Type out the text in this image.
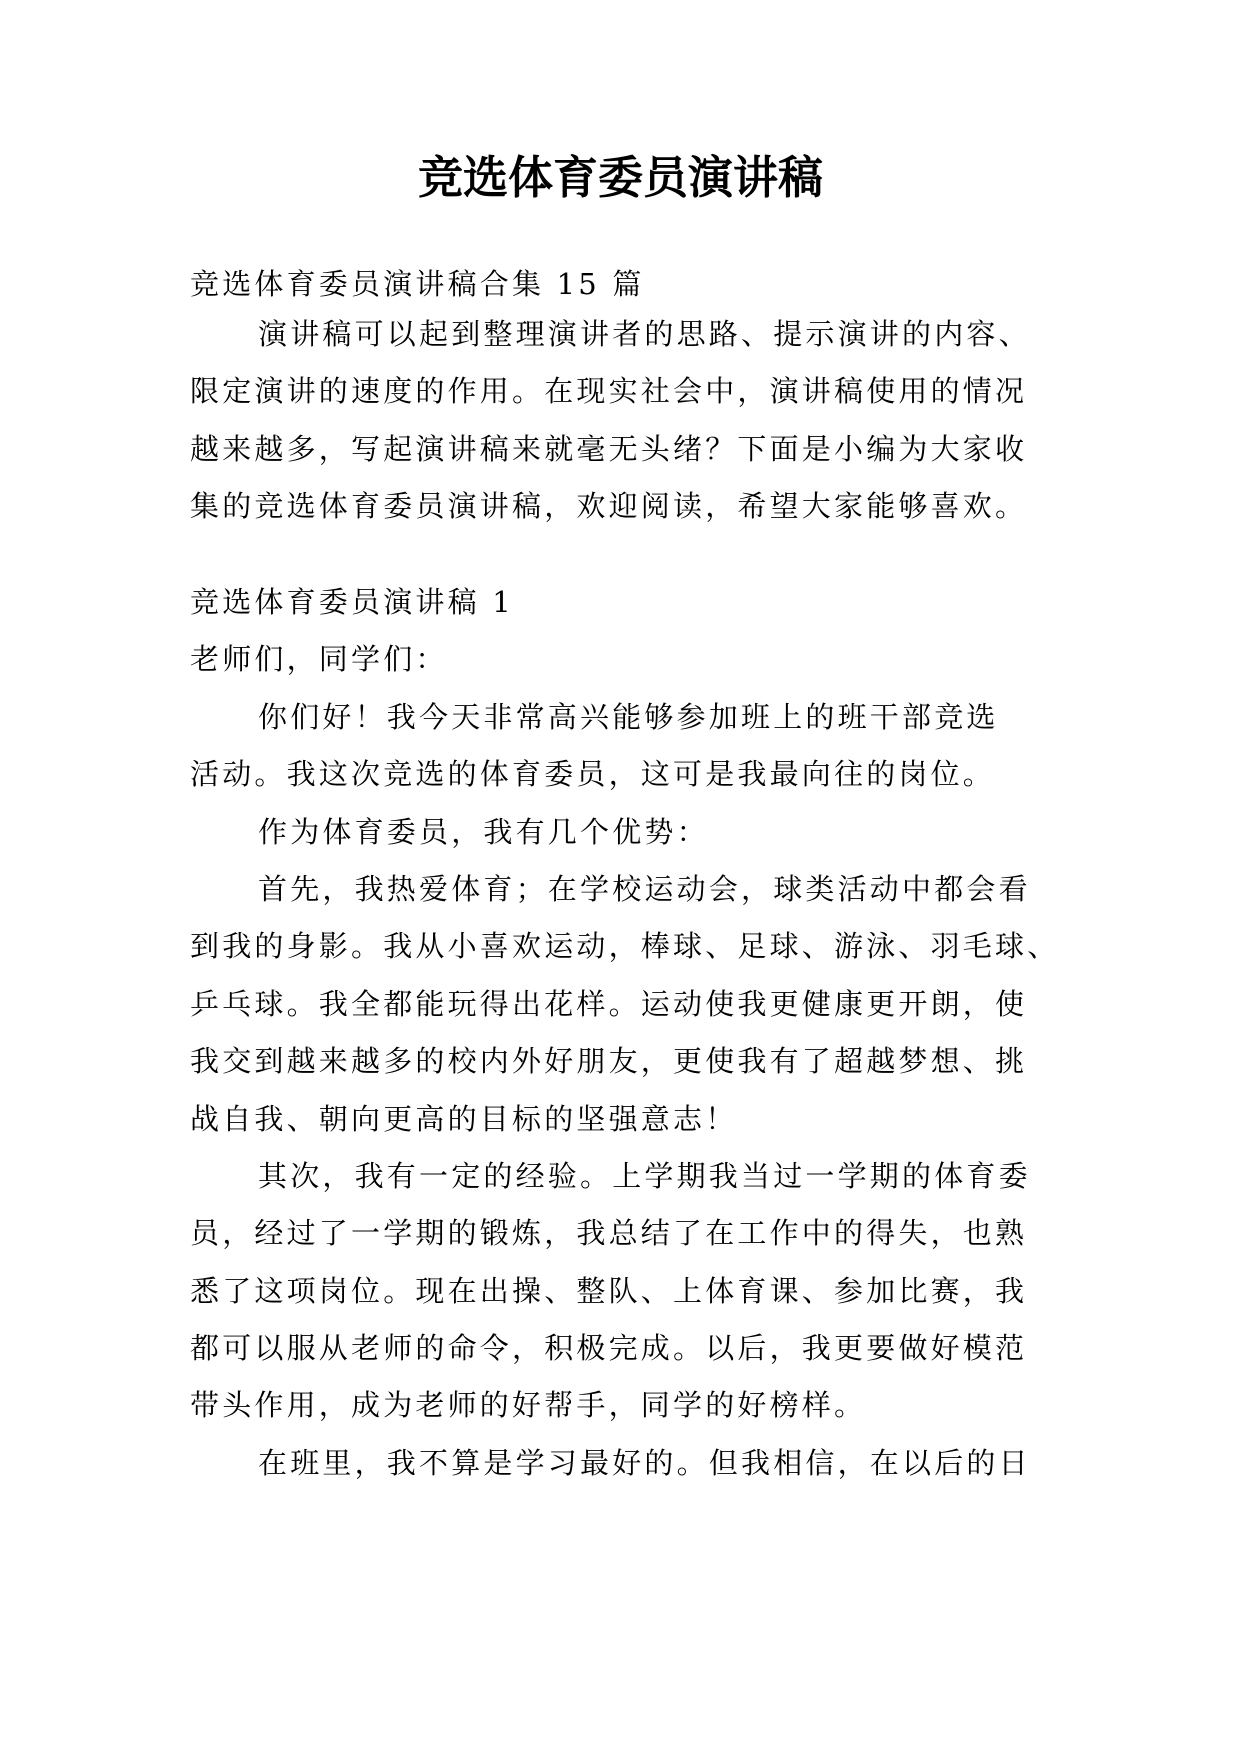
竞选体育委员演讲稿
竞选体育委员演讲稿合集 15 篇
演讲稿可以起到整理演讲者的思路、提示演讲的内容、
限定演讲的速度的作用。在现实社会中，演讲稿使用的情况
越来越多，写起演讲稿来就毫无头绪？下面是小编为大家收
集的竞选体育委员演讲稿，欢迎阅读，希望大家能够喜欢。
竞选体育委员演讲稿 1
老师们，同学们：
你们好！我今天非常高兴能够参加班上的班干部竞选
活动。我这次竞选的体育委员，这可是我最向往的岗位。
作为体育委员，我有几个优势：
首先，我热爱体育；在学校运动会，球类活动中都会看
到我的身影。我从小喜欢运动，棒球、足球、游泳、羽毛球、
乒乓球。我全都能玩得出花样。运动使我更健康更开朗，使
我交到越来越多的校内外好朋友，更使我有了超越梦想、挑
战自我、朝向更高的目标的坚强意志！
其次，我有一定的经验。上学期我当过一学期的体育委
员，经过了一学期的锻炼，我总结了在工作中的得失，也熟
悉了这项岗位。现在出操、整队、上体育课、参加比赛，我
都可以服从老师的命令，积极完成。以后，我更要做好模范
带头作用，成为老师的好帮手，同学的好榜样。
在班里，我不算是学习最好的。但我相信，在以后的日
